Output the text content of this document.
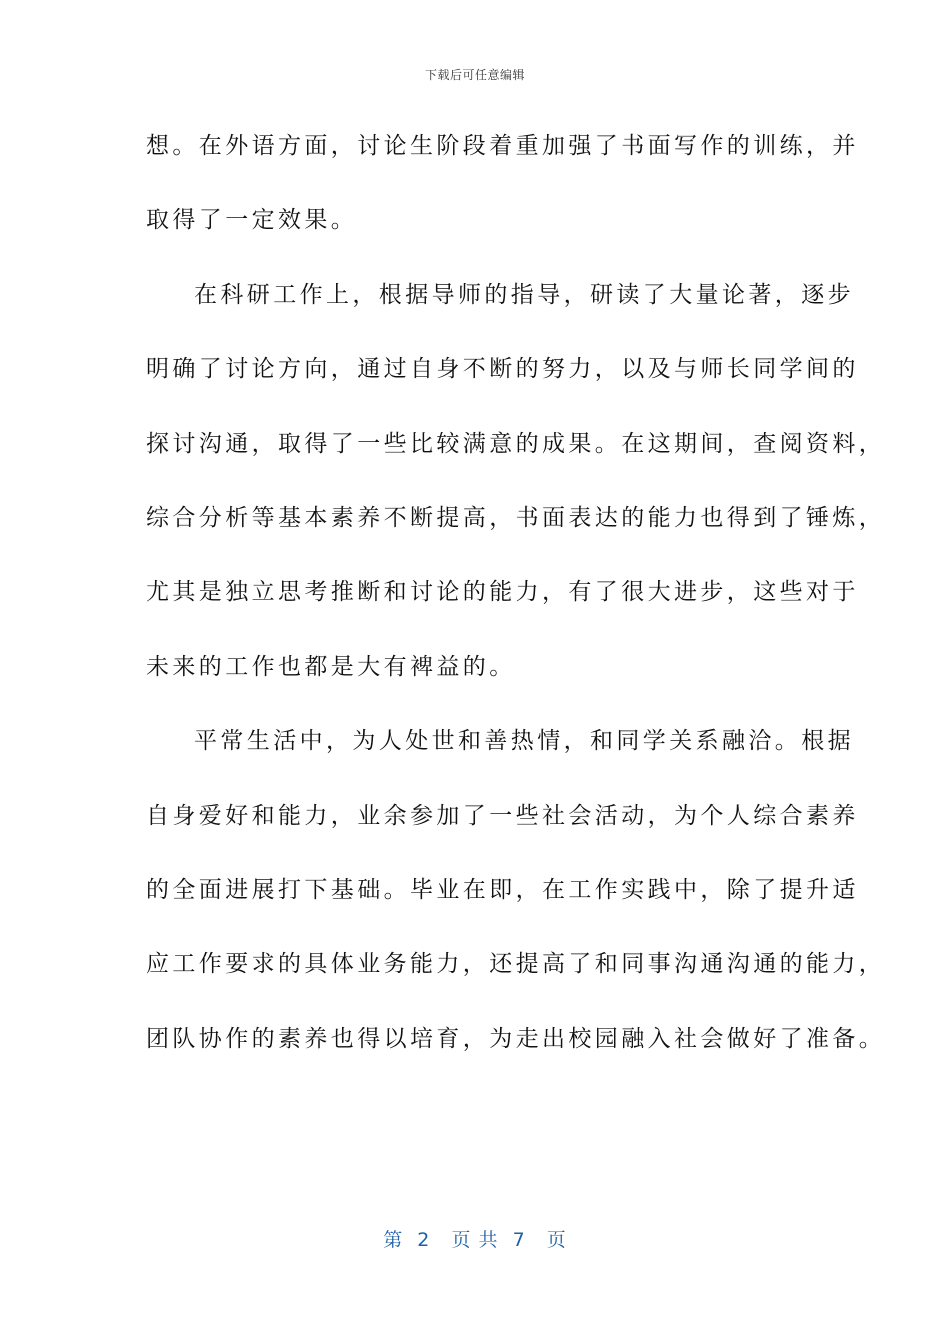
下载后可任意编辑
想。在外语方面，讨论生阶段着重加强了书面写作的训练，并
取得了一定效果。
在科研工作上，根据导师的指导，研读了大量论著，逐步
明确了讨论方向，通过自身不断的努力，以及与师长同学间的
探讨沟通，取得了一些比较满意的成果。在这期间，查阅资料，
综合分析等基本素养不断提高，书面表达的能力也得到了锤炼，
尤其是独立思考推断和讨论的能力，有了很大进步，这些对于
未来的工作也都是大有裨益的。
平常生活中，为人处世和善热情，和同学关系融洽。根据
自身爱好和能力，业余参加了一些社会活动，为个人综合素养
的全面进展打下基础。毕业在即，在工作实践中，除了提升适
应工作要求的具体业务能力，还提高了和同事沟通沟通的能力，
团队协作的素养也得以培育，为走出校园融入社会做好了准备。
第  2   页 共  7   页
